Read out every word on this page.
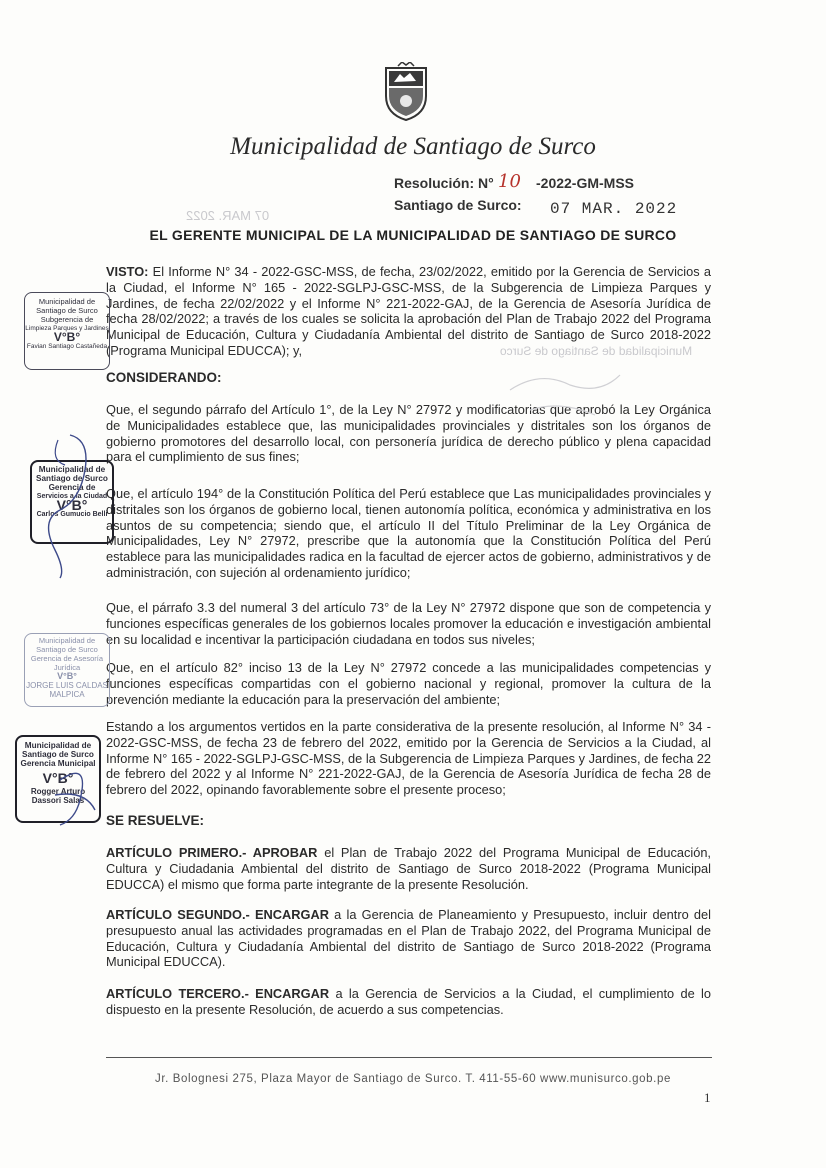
Municipalidad de Santiago de Surco
Resolución: N° 10 -2022-GM-MSS
Santiago de Surco: 07 MAR. 2022
Municipalidad de Santiago de Surco
07 MAR. 2022
EL GERENTE MUNICIPAL DE LA MUNICIPALIDAD DE SANTIAGO DE SURCO

VISTO: El Informe N° 34 - 2022-GSC-MSS, de fecha, 23/02/2022, emitido por la Gerencia de Servicios a la Ciudad, el Informe N° 165 - 2022-SGLPJ-GSC-MSS, de la Subgerencia de Limpieza Parques y Jardines, de fecha 22/02/2022 y el Informe N° 221-2022-GAJ, de la Gerencia de Asesoría Jurídica de fecha 28/02/2022; a través de los cuales se solicita la aprobación del Plan de Trabajo 2022 del Programa Municipal de Educación, Cultura y Ciudadanía Ambiental del distrito de Santiago de Surco 2018-2022 (Programa Municipal EDUCCA); y,

CONSIDERANDO:
Que, el segundo párrafo del Artículo 1°, de la Ley N° 27972 y modificatorias que aprobó la Ley Orgánica de Municipalidades establece que, las municipalidades provinciales y distritales son los órganos de gobierno promotores del desarrollo local, con personería jurídica de derecho público y plena capacidad para el cumplimiento de sus fines;
Que, el artículo 194° de la Constitución Política del Perú establece que Las municipalidades provinciales y distritales son los órganos de gobierno local, tienen autonomía política, económica y administrativa en los asuntos de su competencia; siendo que, el artículo II del Título Preliminar de la Ley Orgánica de Municipalidades, Ley N° 27972, prescribe que la autonomía que la Constitución Política del Perú establece para las municipalidades radica en la facultad de ejercer actos de gobierno, administrativos y de administración, con sujeción al ordenamiento jurídico;
Que, el párrafo 3.3 del numeral 3 del artículo 73° de la Ley N° 27972 dispone que son de competencia y funciones específicas generales de los gobiernos locales promover la educación e investigación ambiental en su localidad e incentivar la participación ciudadana en todos sus niveles;
Que, en el artículo 82° inciso 13 de la Ley N° 27972 concede a las municipalidades competencias y funciones específicas compartidas con el gobierno nacional y regional, promover la cultura de la prevención mediante la educación para la preservación del ambiente;
Estando a los argumentos vertidos en la parte considerativa de la presente resolución, al Informe N° 34 - 2022-GSC-MSS, de fecha 23 de febrero del 2022, emitido por la Gerencia de Servicios a la Ciudad, al Informe N° 165 - 2022-SGLPJ-GSC-MSS, de la Subgerencia de Limpieza Parques y Jardines, de fecha 22 de febrero del 2022 y al Informe N° 221-2022-GAJ, de la Gerencia de Asesoría Jurídica de fecha 28 de febrero del 2022, opinando favorablemente sobre el presente proceso;
SE RESUELVE:
ARTÍCULO PRIMERO.- APROBAR el Plan de Trabajo 2022 del Programa Municipal de Educación, Cultura y Ciudadania Ambiental del distrito de Santiago de Surco 2018-2022 (Programa Municipal EDUCCA) el mismo que forma parte integrante de la presente Resolución.
ARTÍCULO SEGUNDO.- ENCARGAR a la Gerencia de Planeamiento y Presupuesto, incluir dentro del presupuesto anual las actividades programadas en el Plan de Trabajo 2022, del Programa Municipal de Educación, Cultura y Ciudadanía Ambiental del distrito de Santiago de Surco 2018-2022 (Programa Municipal EDUCCA).
ARTÍCULO TERCERO.- ENCARGAR a la Gerencia de Servicios a la Ciudad, el cumplimiento de lo dispuesto en la presente Resolución, de acuerdo a sus competencias.
Municipalidad de
Santiago de Surco
Subgerencia de
Limpieza Parques y Jardines
V°B°
Favian Santiago Castañeda
Municipalidad de
Santiago de Surco
Gerencia de
Servicios a la Ciudad
V°B°
Carlos Gumucio Belli
Municipalidad de
Santiago de Surco
Gerencia de Asesoría
Jurídica
V°B°
JORGE LUIS CALDAS MALPICA
Municipalidad de
Santiago de Surco
Gerencia Municipal
V°B°
Rogger Arturo Dassori Salas
Jr. Bolognesi 275, Plaza Mayor de Santiago de Surco. T. 411-55-60 www.munisurco.gob.pe
1
